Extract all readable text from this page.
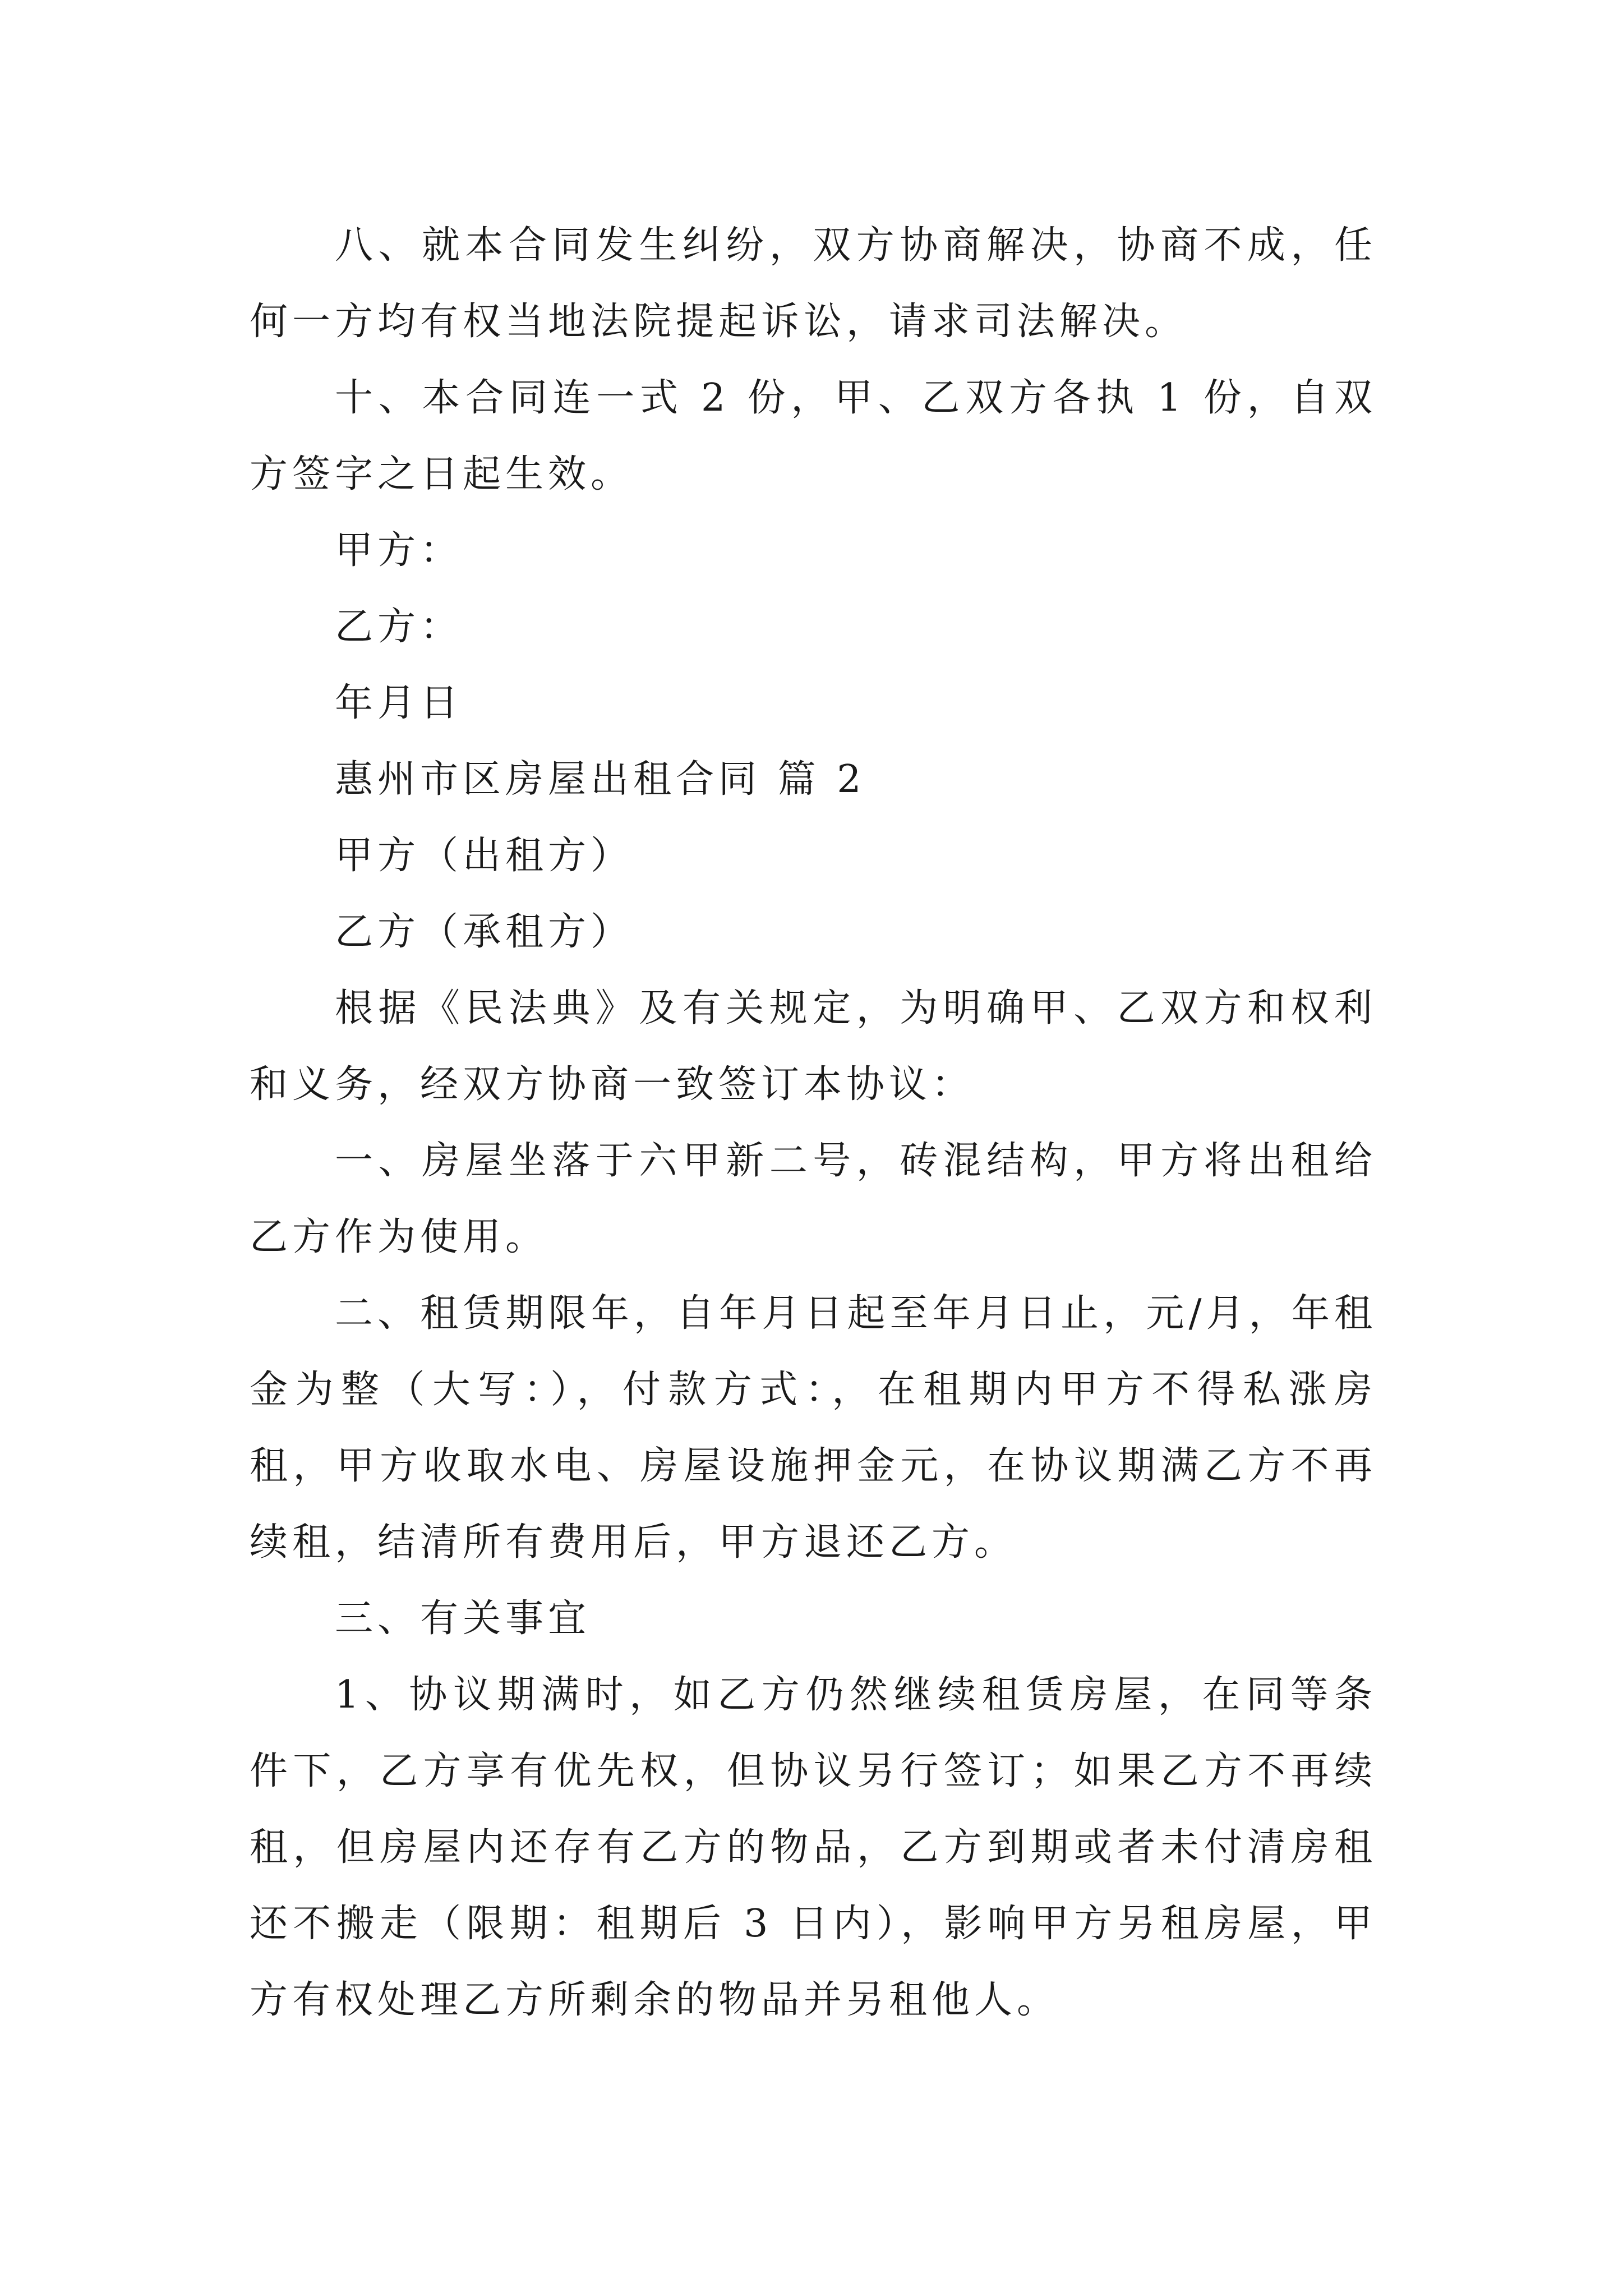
八、就本合同发生纠纷，双方协商解决，协商不成，任何一方均有权当地法院提起诉讼，请求司法解决。

十、本合同连一式 2 份，甲、乙双方各执 1 份，自双方签字之日起生效。

甲方：

乙方：

年月日

惠州市区房屋出租合同 篇 2

甲方（出租方）

乙方（承租方）

根据《民法典》及有关规定，为明确甲、乙双方和权利和义务，经双方协商一致签订本协议：

一、房屋坐落于六甲新二号，砖混结构，甲方将出租给乙方作为使用。

二、租赁期限年，自年月日起至年月日止，元/月，年租金为整（大写：），付款方式：，在租期内甲方不得私涨房租，甲方收取水电、房屋设施押金元，在协议期满乙方不再续租，结清所有费用后，甲方退还乙方。

三、有关事宜

1、协议期满时，如乙方仍然继续租赁房屋，在同等条件下，乙方享有优先权，但协议另行签订；如果乙方不再续租，但房屋内还存有乙方的物品，乙方到期或者未付清房租还不搬走（限期：租期后 3 日内），影响甲方另租房屋，甲方有权处理乙方所剩余的物品并另租他人。
